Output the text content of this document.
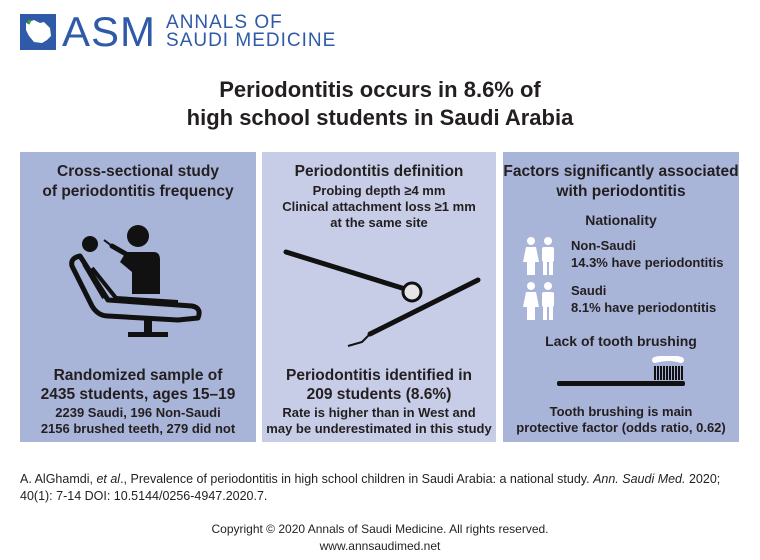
ASM ANNALS OF
SAUDI MEDICINE
Periodontitis occurs in 8.6% of
high school students in Saudi Arabia
Cross-sectional study
of periodontitis frequency
Randomized sample of
2435 students, ages 15–19
2239 Saudi, 196 Non-Saudi
2156 brushed teeth, 279 did not
Periodontitis definition
Probing depth ≥4 mm
Clinical attachment loss ≥1 mm
at the same site
Periodontitis identified in
209 students (8.6%)
Rate is higher than in West and
may be underestimated in this study
Factors significantly associated
with periodontitis
Nationality
Non-Saudi
14.3% have periodontitis
Saudi
8.1% have periodontitis
Lack of tooth brushing
Tooth brushing is main
protective factor (odds ratio, 0.62)
A. AlGhamdi, et al., Prevalence of periodontitis in high school children in Saudi Arabia: a national study. Ann. Saudi Med. 2020; 40(1): 7-14 DOI: 10.5144/0256-4947.2020.7.
Copyright © 2020 Annals of Saudi Medicine. All rights reserved.
www.annsaudimed.net
